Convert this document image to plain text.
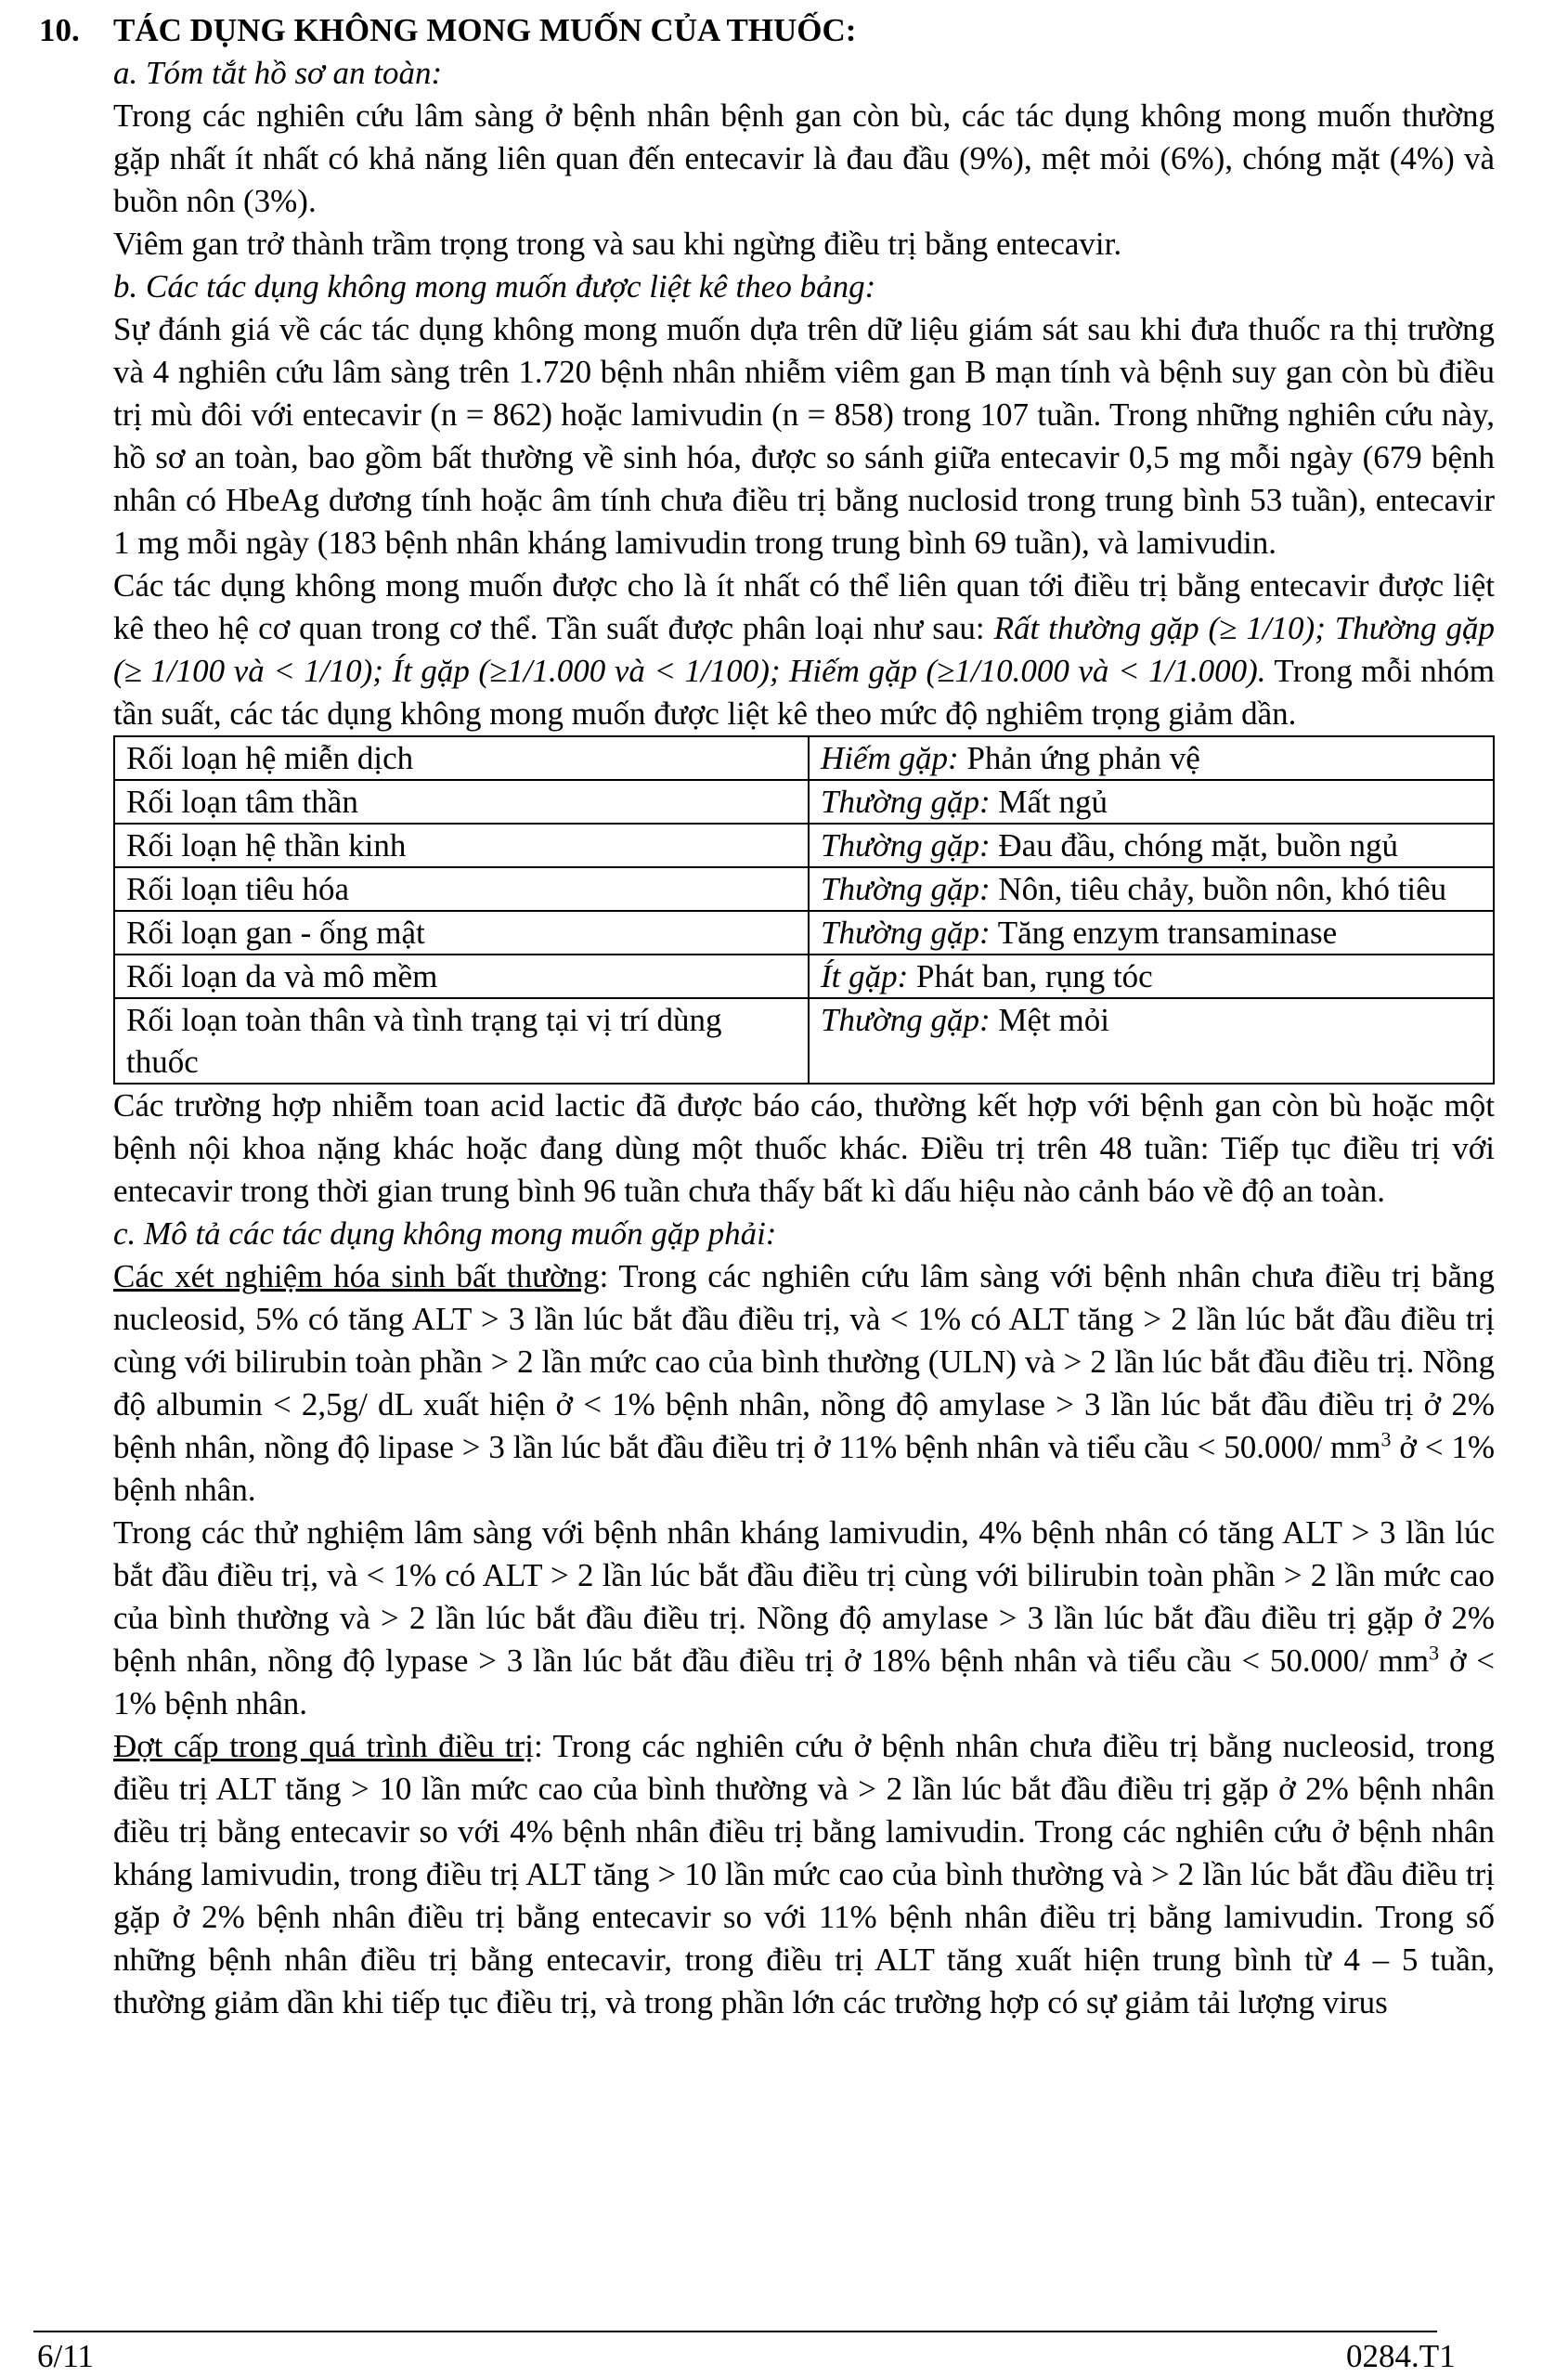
10. TÁC DỤNG KHÔNG MONG MUỐN CỦA THUỐC:

a. Tóm tắt hồ sơ an toàn:

Trong các nghiên cứu lâm sàng ở bệnh nhân bệnh gan còn bù, các tác dụng không mong muốn thường gặp nhất ít nhất có khả năng liên quan đến entecavir là đau đầu (9%), mệt mỏi (6%), chóng mặt (4%) và buồn nôn (3%).

Viêm gan trở thành trầm trọng trong và sau khi ngừng điều trị bằng entecavir.

b. Các tác dụng không mong muốn được liệt kê theo bảng:

Sự đánh giá về các tác dụng không mong muốn dựa trên dữ liệu giám sát sau khi đưa thuốc ra thị trường và 4 nghiên cứu lâm sàng trên 1.720 bệnh nhân nhiễm viêm gan B mạn tính và bệnh suy gan còn bù điều trị mù đôi với entecavir (n = 862) hoặc lamivudin (n = 858) trong 107 tuần. Trong những nghiên cứu này, hồ sơ an toàn, bao gồm bất thường về sinh hóa, được so sánh giữa entecavir 0,5 mg mỗi ngày (679 bệnh nhân có HbeAg dương tính hoặc âm tính chưa điều trị bằng nuclosid trong trung bình 53 tuần), entecavir 1 mg mỗi ngày (183 bệnh nhân kháng lamivudin trong trung bình 69 tuần), và lamivudin.

Các tác dụng không mong muốn được cho là ít nhất có thể liên quan tới điều trị bằng entecavir được liệt kê theo hệ cơ quan trong cơ thể. Tần suất được phân loại như sau: Rất thường gặp (≥ 1/10); Thường gặp (≥ 1/100 và < 1/10); Ít gặp (≥1/1.000 và < 1/100); Hiếm gặp (≥1/10.000 và < 1/1.000). Trong mỗi nhóm tần suất, các tác dụng không mong muốn được liệt kê theo mức độ nghiêm trọng giảm dần.

Rối loạn hệ miễn dịch	Hiếm gặp: Phản ứng phản vệ
Rối loạn tâm thần	Thường gặp: Mất ngủ
Rối loạn hệ thần kinh	Thường gặp: Đau đầu, chóng mặt, buồn ngủ
Rối loạn tiêu hóa	Thường gặp: Nôn, tiêu chảy, buồn nôn, khó tiêu
Rối loạn gan - ống mật	Thường gặp: Tăng enzym transaminase
Rối loạn da và mô mềm	Ít gặp: Phát ban, rụng tóc
Rối loạn toàn thân và tình trạng tại vị trí dùng thuốc	Thường gặp: Mệt mỏi

Các trường hợp nhiễm toan acid lactic đã được báo cáo, thường kết hợp với bệnh gan còn bù hoặc một bệnh nội khoa nặng khác hoặc đang dùng một thuốc khác. Điều trị trên 48 tuần: Tiếp tục điều trị với entecavir trong thời gian trung bình 96 tuần chưa thấy bất kì dấu hiệu nào cảnh báo về độ an toàn.

c. Mô tả các tác dụng không mong muốn gặp phải:

Các xét nghiệm hóa sinh bất thường: Trong các nghiên cứu lâm sàng với bệnh nhân chưa điều trị bằng nucleosid, 5% có tăng ALT > 3 lần lúc bắt đầu điều trị, và < 1% có ALT tăng > 2 lần lúc bắt đầu điều trị cùng với bilirubin toàn phần > 2 lần mức cao của bình thường (ULN) và > 2 lần lúc bắt đầu điều trị. Nồng độ albumin < 2,5g/ dL xuất hiện ở < 1% bệnh nhân, nồng độ amylase > 3 lần lúc bắt đầu điều trị ở 2% bệnh nhân, nồng độ lipase > 3 lần lúc bắt đầu điều trị ở 11% bệnh nhân và tiểu cầu < 50.000/ $mm^3$ ở < 1% bệnh nhân.

Trong các thử nghiệm lâm sàng với bệnh nhân kháng lamivudin, 4% bệnh nhân có tăng ALT > 3 lần lúc bắt đầu điều trị, và < 1% có ALT > 2 lần lúc bắt đầu điều trị cùng với bilirubin toàn phần > 2 lần mức cao của bình thường và > 2 lần lúc bắt đầu điều trị. Nồng độ amylase > 3 lần lúc bắt đầu điều trị gặp ở 2% bệnh nhân, nồng độ lypase > 3 lần lúc bắt đầu điều trị ở 18% bệnh nhân và tiểu cầu < 50.000/ $mm^3$ ở < 1% bệnh nhân.

Đợt cấp trong quá trình điều trị: Trong các nghiên cứu ở bệnh nhân chưa điều trị bằng nucleosid, trong điều trị ALT tăng > 10 lần mức cao của bình thường và > 2 lần lúc bắt đầu điều trị gặp ở 2% bệnh nhân điều trị bằng entecavir so với 4% bệnh nhân điều trị bằng lamivudin. Trong các nghiên cứu ở bệnh nhân kháng lamivudin, trong điều trị ALT tăng > 10 lần mức cao của bình thường và > 2 lần lúc bắt đầu điều trị gặp ở 2% bệnh nhân điều trị bằng entecavir so với 11% bệnh nhân điều trị bằng lamivudin. Trong số những bệnh nhân điều trị bằng entecavir, trong điều trị ALT tăng xuất hiện trung bình từ 4 – 5 tuần, thường giảm dần khi tiếp tục điều trị, và trong phần lớn các trường hợp có sự giảm tải lượng virus

6/11	0284.T1
